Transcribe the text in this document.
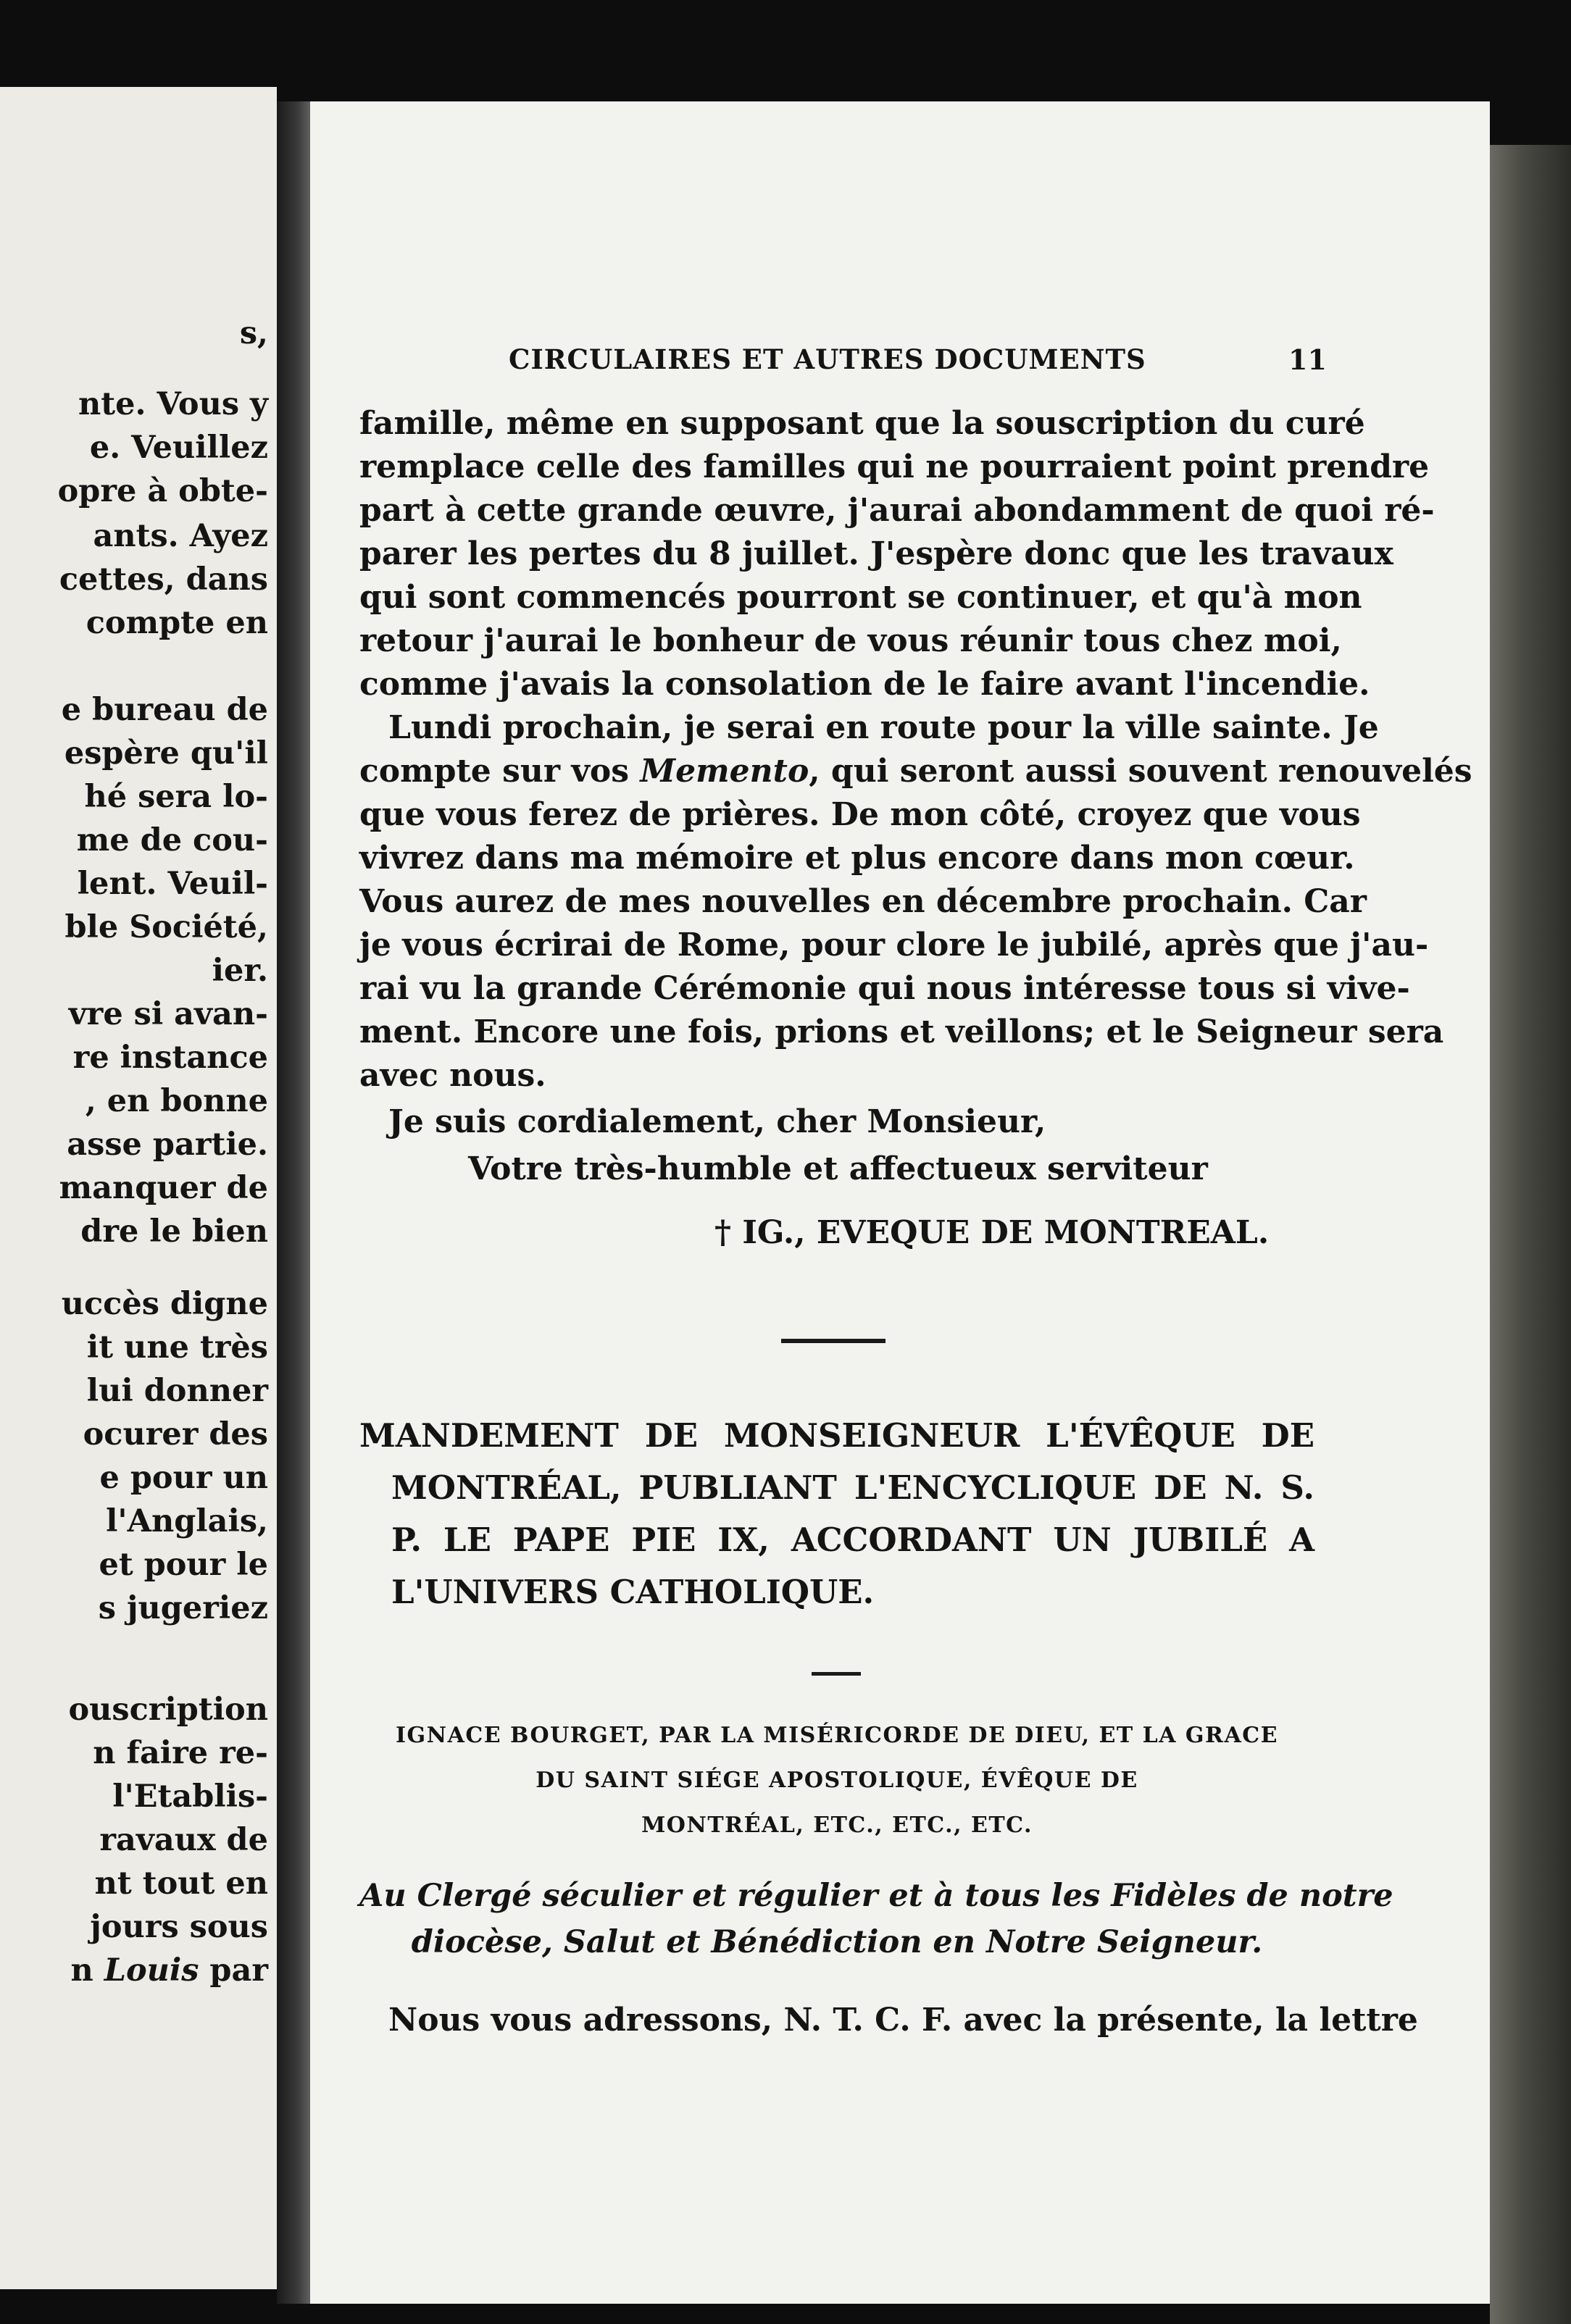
CIRCULAIRES ET AUTRES DOCUMENTS	11
famille, même en supposant que la souscription du curé
remplace celle des familles qui ne pourraient point prendre
part à cette grande œuvre, j'aurai abondamment de quoi ré-
parer les pertes du 8 juillet. J'espère donc que les travaux
qui sont commencés pourront se continuer, et qu'à mon
retour j'aurai le bonheur de vous réunir tous chez moi,
comme j'avais la consolation de le faire avant l'incendie.
Lundi prochain, je serai en route pour la ville sainte. Je
compte sur vos Memento, qui seront aussi souvent renouvelés
que vous ferez de prières. De mon côté, croyez que vous
vivrez dans ma mémoire et plus encore dans mon cœur.
Vous aurez de mes nouvelles en décembre prochain. Car
je vous écrirai de Rome, pour clore le jubilé, après que j'au-
rai vu la grande Cérémonie qui nous intéresse tous si vive-
ment. Encore une fois, prions et veillons; et le Seigneur sera
avec nous.
Je suis cordialement, cher Monsieur,
Votre très-humble et affectueux serviteur
† IG., EVEQUE DE MONTREAL.
MANDEMENT DE MONSEIGNEUR L'ÉVÊQUE DE
MONTRÉAL, PUBLIANT L'ENCYCLIQUE DE N. S.
P. LE PAPE PIE IX, ACCORDANT UN JUBILÉ A
L'UNIVERS CATHOLIQUE.
IGNACE BOURGET, PAR LA MISÉRICORDE DE DIEU, ET LA GRACE
DU SAINT SIÉGE APOSTOLIQUE, ÉVÊQUE DE
MONTRÉAL, ETC., ETC., ETC.
Au Clergé séculier et régulier et à tous les Fidèles de notre
diocèse, Salut et Bénédiction en Notre Seigneur.
Nous vous adressons, N. T. C. F. avec la présente, la lettre
s,
nte. Vous y
e. Veuillez
opre à obte-
ants. Ayez
cettes, dans
compte en
e bureau de
espère qu'il
hé sera lo-
me de cou-
lent. Veuil-
ble Société,
ier.
vre si avan-
re instance
, en bonne
asse partie.
manquer de
dre le bien
uccès digne
it une très
lui donner
ocurer des
e pour un
l'Anglais,
et pour le
s jugeriez
ouscription
n faire re-
l'Etablis-
ravaux de
nt tout en
jours sous
n Louis par
